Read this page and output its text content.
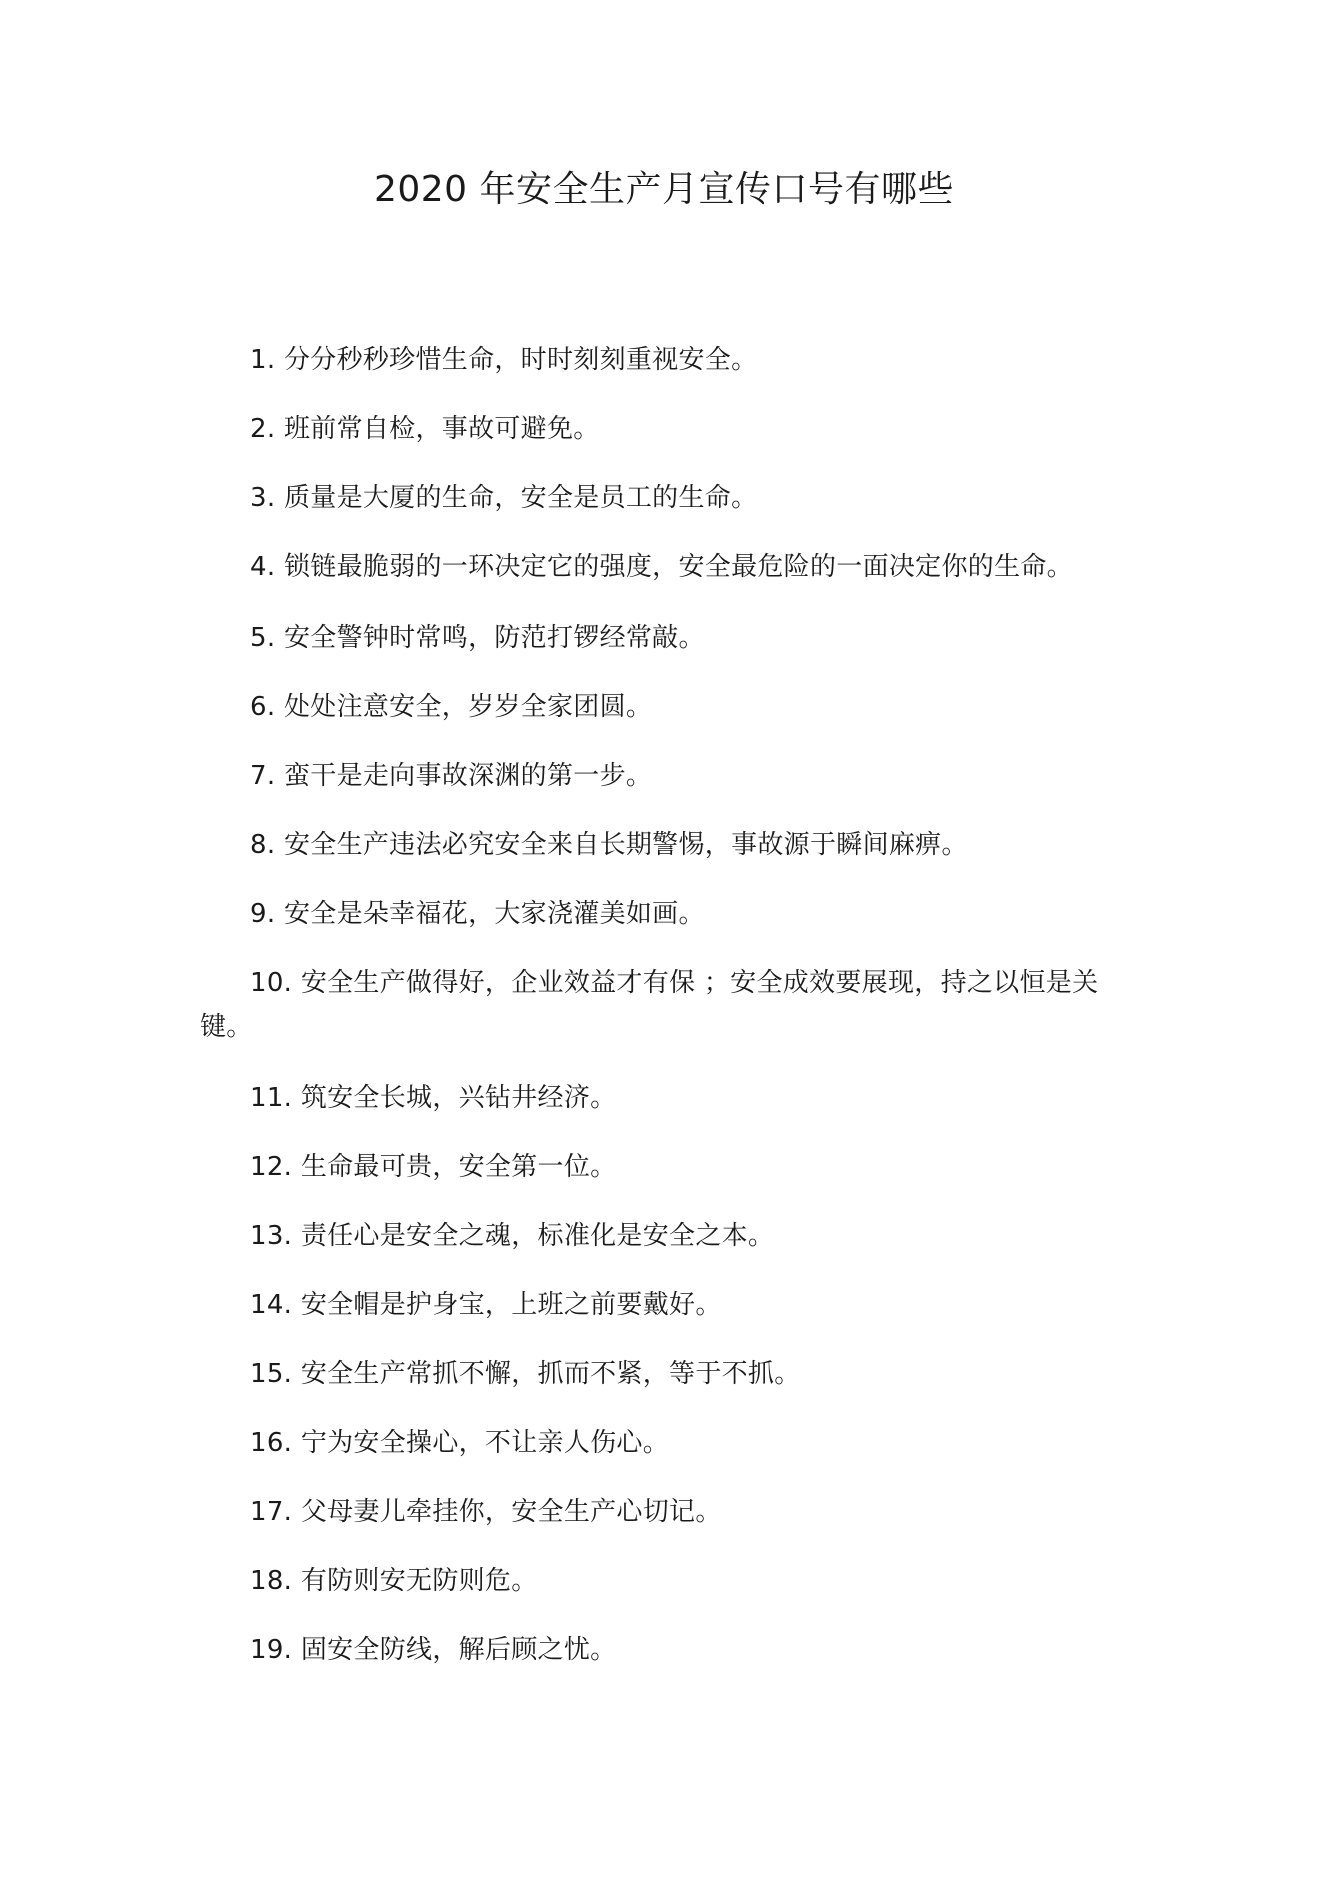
2020 年安全生产月宣传口号有哪些
1. 分分秒秒珍惜生命，时时刻刻重视安全。
2. 班前常自检，事故可避免。
3. 质量是大厦的生命，安全是员工的生命。
4. 锁链最脆弱的一环决定它的强度，安全最危险的一面决定你的生命。
5. 安全警钟时常鸣，防范打锣经常敲。
6. 处处注意安全，岁岁全家团圆。
7. 蛮干是走向事故深渊的第一步。
8. 安全生产违法必究安全来自长期警惕，事故源于瞬间麻痹。
9. 安全是朵幸福花，大家浇灌美如画。
10. 安全生产做得好，企业效益才有保 ；安全成效要展现，持之以恒是关键。
11. 筑安全长城，兴钻井经济。
12. 生命最可贵，安全第一位。
13. 责任心是安全之魂，标准化是安全之本。
14. 安全帽是护身宝，上班之前要戴好。
15. 安全生产常抓不懈，抓而不紧，等于不抓。
16. 宁为安全操心，不让亲人伤心。
17. 父母妻儿牵挂你，安全生产心切记。
18. 有防则安无防则危。
19. 固安全防线，解后顾之忧。
